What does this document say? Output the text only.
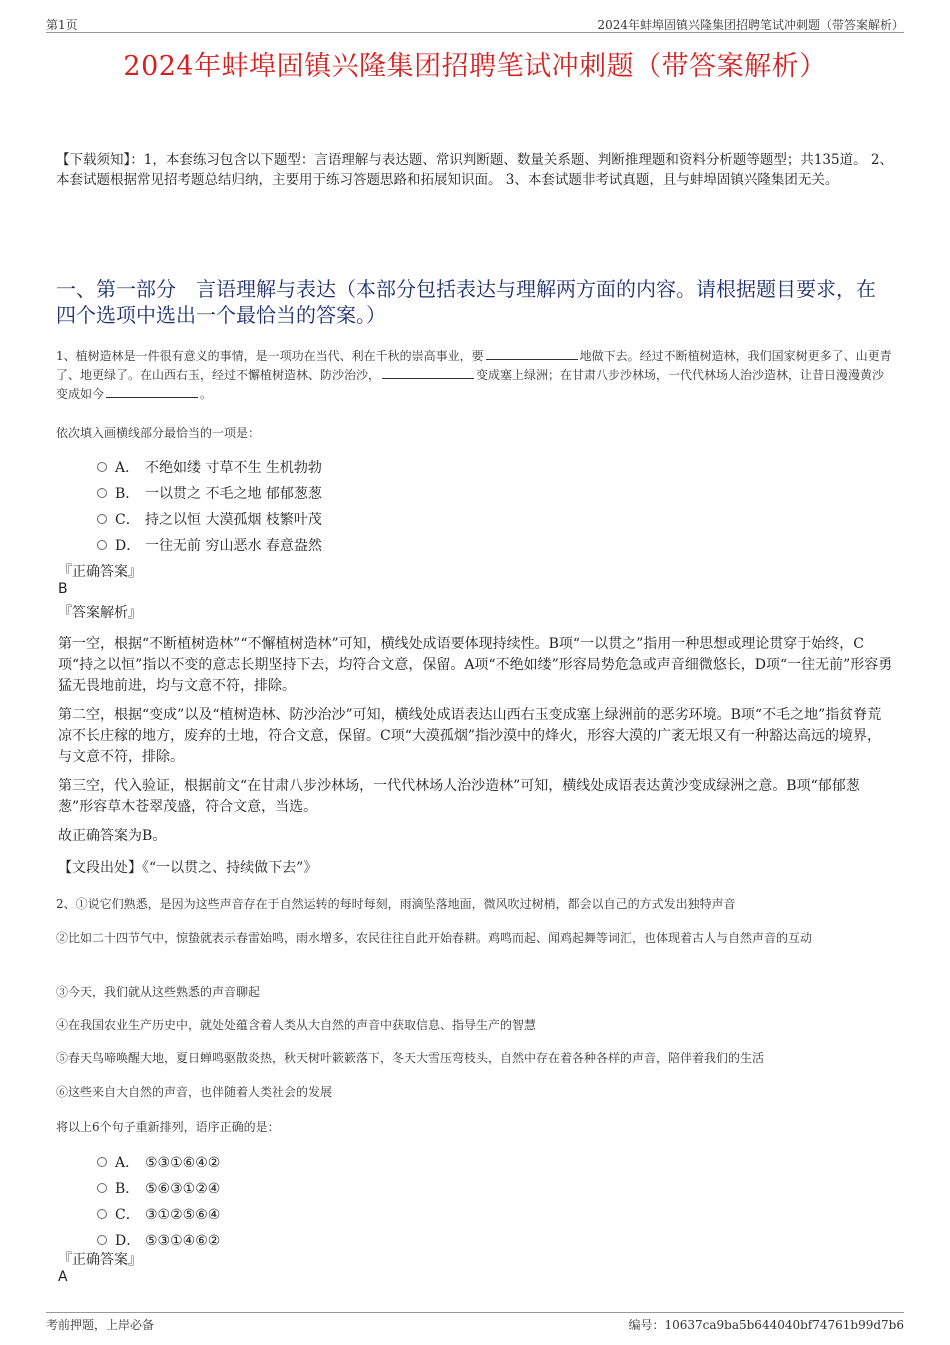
第1页	2024年蚌埠固镇兴隆集团招聘笔试冲刺题（带答案解析）
2024年蚌埠固镇兴隆集团招聘笔试冲刺题（带答案解析）
【下载须知】：1，本套练习包含以下题型：言语理解与表达题、常识判断题、数量关系题、判断推理题和资料分析题等题型；共135道。 2、本套试题根据常见招考题总结归纳，主要用于练习答题思路和拓展知识面。 3、本套试题非考试真题，且与蚌埠固镇兴隆集团无关。
一、第一部分　言语理解与表达（本部分包括表达与理解两方面的内容。请根据题目要求，在四个选项中选出一个最恰当的答案。）
1、植树造林是一件很有意义的事情，是一项功在当代、利在千秋的崇高事业，要	地做下去。经过不断植树造林，我们国家树更多了、山更青了、地更绿了。在山西右玉，经过不懈植树造林、防沙治沙，	变成塞上绿洲；在甘肃八步沙林场，一代代林场人治沙造林，让昔日漫漫黄沙变成如今	。
依次填入画横线部分最恰当的一项是：
A． 不绝如缕 寸草不生 生机勃勃
B． 一以贯之 不毛之地 郁郁葱葱
C． 持之以恒 大漠孤烟 枝繁叶茂
D． 一往无前 穷山恶水 春意盎然
『正确答案』
B
『答案解析』
第一空，根据“不断植树造林”“不懈植树造林”可知，横线处成语要体现持续性。B项“一以贯之”指用一种思想或理论贯穿于始终，C项“持之以恒”指以不变的意志长期坚持下去，均符合文意，保留。A项“不绝如缕”形容局势危急或声音细微悠长，D项“一往无前”形容勇猛无畏地前进，均与文意不符，排除。
第二空，根据“变成”以及“植树造林、防沙治沙”可知，横线处成语表达山西右玉变成塞上绿洲前的恶劣环境。B项“不毛之地”指贫脊荒凉不长庄稼的地方，废弃的土地，符合文意，保留。C项“大漠孤烟”指沙漠中的烽火，形容大漠的广袤无垠又有一种豁达高远的境界，与文意不符，排除。
第三空，代入验证，根据前文“在甘肃八步沙林场，一代代林场人治沙造林”可知，横线处成语表达黄沙变成绿洲之意。B项“郁郁葱葱”形容草木苍翠茂盛，符合文意，当选。
故正确答案为B。
【文段出处】《“一以贯之、持续做下去”》
2、①说它们熟悉，是因为这些声音存在于自然运转的每时每刻，雨滴坠落地面，微风吹过树梢，都会以自己的方式发出独特声音
②比如二十四节气中，惊蛰就表示春雷始鸣，雨水增多，农民往往自此开始春耕。鸡鸣而起、闻鸡起舞等词汇，也体现着古人与自然声音的互动
③今天，我们就从这些熟悉的声音聊起
④在我国农业生产历史中，就处处蕴含着人类从大自然的声音中获取信息、指导生产的智慧
⑤春天鸟啼唤醒大地，夏日蝉鸣驱散炎热，秋天树叶簌簌落下，冬天大雪压弯枝头，自然中存在着各种各样的声音，陪伴着我们的生活
⑥这些来自大自然的声音，也伴随着人类社会的发展
将以上6个句子重新排列，语序正确的是：
A． ⑤③①⑥④②
B． ⑤⑥③①②④
C． ③①②⑤⑥④
D． ⑤③①④⑥②
『正确答案』
A
考前押题，上岸必备	编号：10637ca9ba5b644040bf74761b99d7b6
